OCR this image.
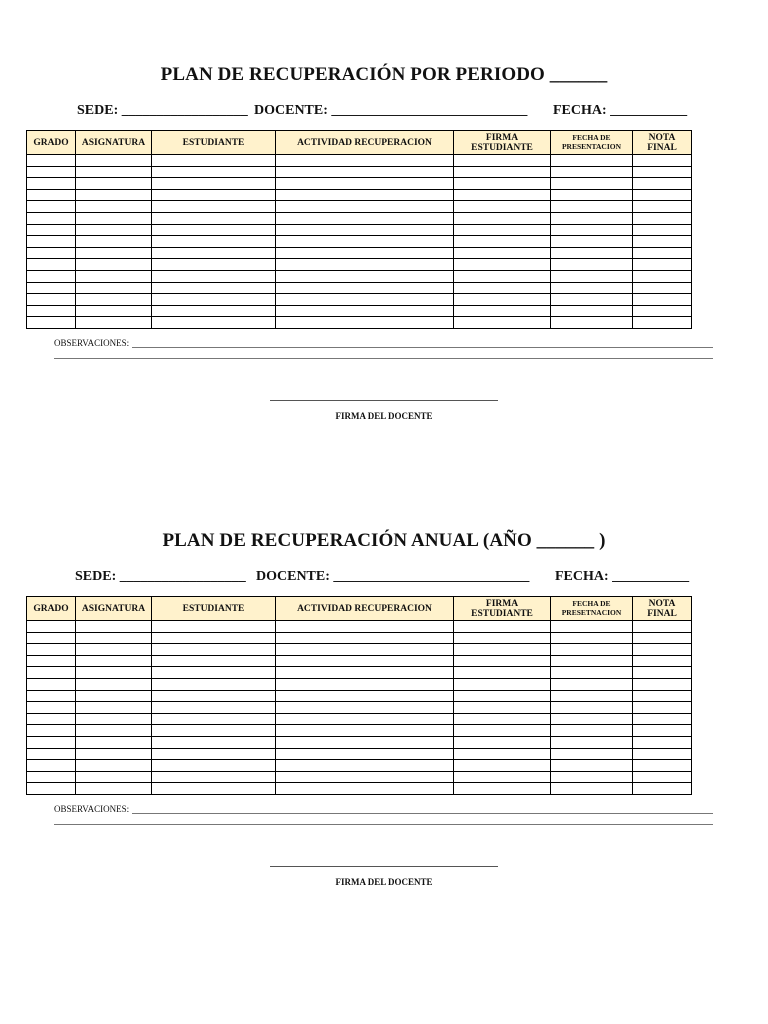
PLAN DE RECUPERACIÓN POR PERIODO ______

SEDE: __________________

DOCENTE: ____________________________

FECHA: ___________

GRADO	ASIGNATURA	ESTUDIANTE	ACTIVIDAD RECUPERACION	FIRMA ESTUDIANTE	FECHA DE PRESENTACION	NOTA FINAL

OBSERVACIONES:
FIRMA DEL DOCENTE
PLAN DE RECUPERACIÓN ANUAL (AÑO ______ )

SEDE: __________________

DOCENTE: ____________________________

FECHA: ___________

GRADO	ASIGNATURA	ESTUDIANTE	ACTIVIDAD RECUPERACION	FIRMA ESTUDIANTE	FECHA DE PRESETNACION	NOTA FINAL

OBSERVACIONES:
FIRMA DEL DOCENTE
